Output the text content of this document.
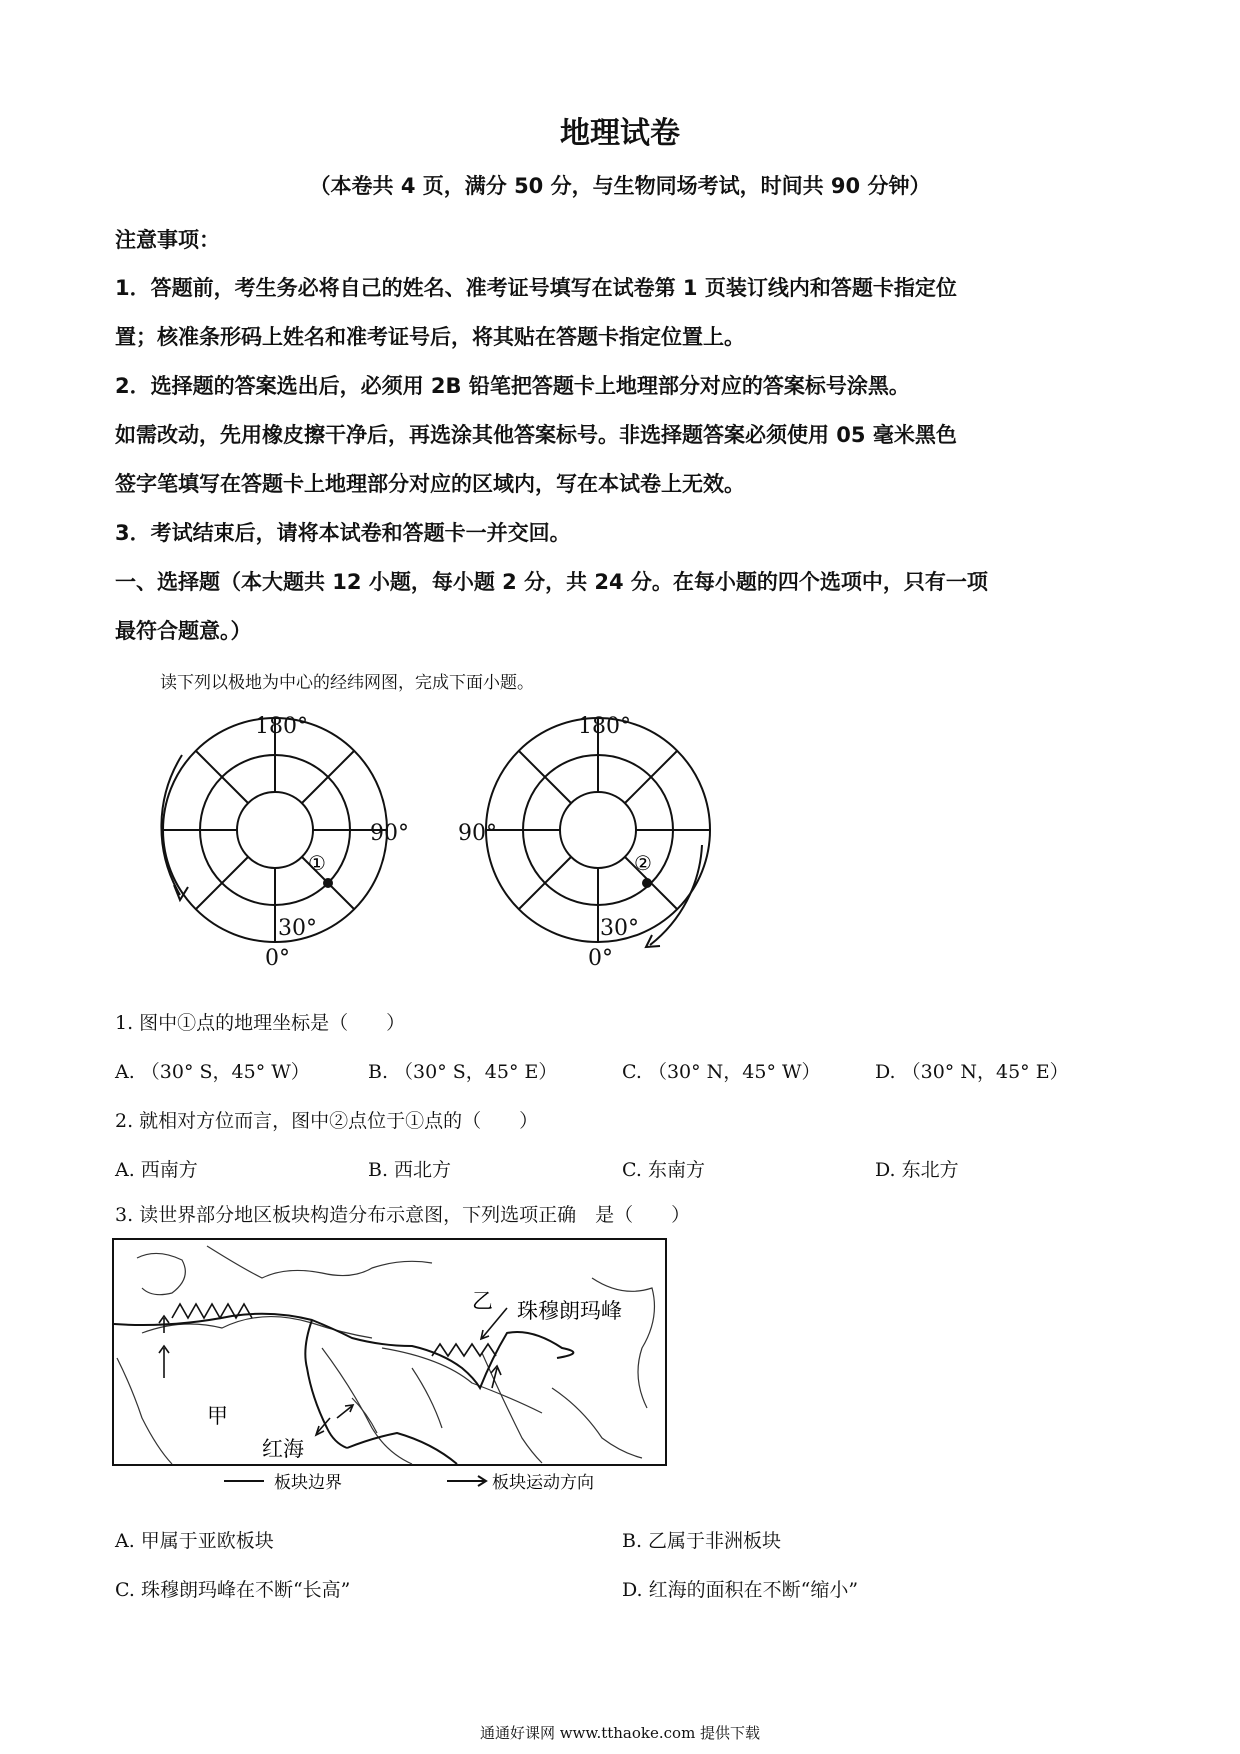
地理试卷
（本卷共 4 页，满分 50 分，与生物同场考试，时间共 90 分钟）
注意事项：
1．答题前，考生务必将自己的姓名、准考证号填写在试卷第 1 页装订线内和答题卡指定位
置；核准条形码上姓名和准考证号后，将其贴在答题卡指定位置上。
2．选择题的答案选出后，必须用 2B 铅笔把答题卡上地理部分对应的答案标号涂黑。
如需改动，先用橡皮擦干净后，再选涂其他答案标号。非选择题答案必须使用 05 毫米黑色
签字笔填写在答题卡上地理部分对应的区域内，写在本试卷上无效。
3．考试结束后，请将本试卷和答题卡一并交回。
一、选择题（本大题共 12 小题，每小题 2 分，共 24 分。在每小题的四个选项中，只有一项
最符合题意。）
读下列以极地为中心的经纬网图，完成下面小题。
①
180°
90°
30°
0°
②
180°
90°
30°
0°
1. 图中①点的地理坐标是（　　）
A. （30° S，45° W）	B. （30° S，45° E）	C. （30° N，45° W）	D. （30° N，45° E）
2. 就相对方位而言，图中②点位于①点的（　　）
A. 西南方	B. 西北方	C. 东南方	D. 东北方
3. 读世界部分地区板块构造分布示意图，下列选项正确　是（　　）
甲
乙 珠穆朗玛峰
红海
板块边界	板块运动方向
A. 甲属于亚欧板块	B. 乙属于非洲板块
C. 珠穆朗玛峰在不断“长高”	D. 红海的面积在不断“缩小”
通通好课网 www.tthaoke.com 提供下载
